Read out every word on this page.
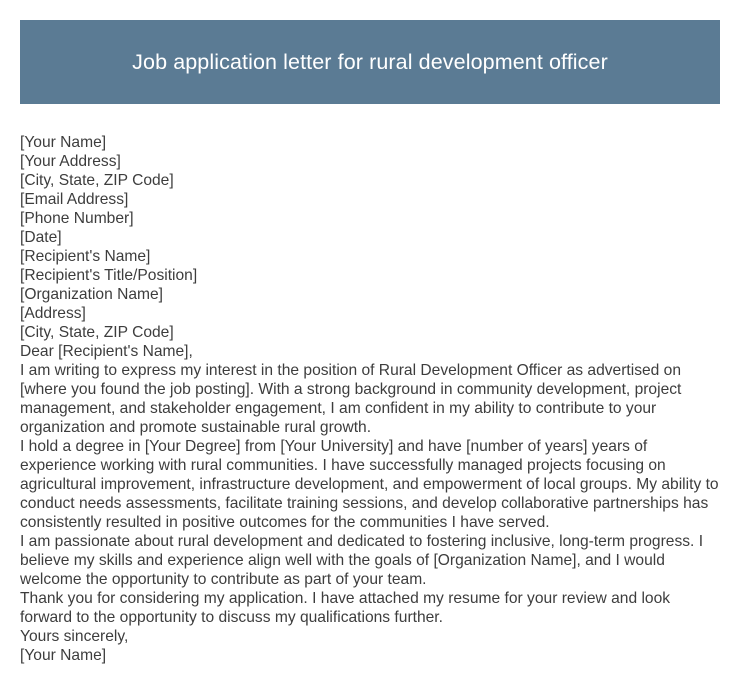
Job application letter for rural development officer

[Your Name]

[Your Address]

[City, State, ZIP Code]

[Email Address]

[Phone Number]

[Date]

[Recipient's Name]

[Recipient's Title/Position]

[Organization Name]

[Address]

[City, State, ZIP Code]

Dear [Recipient's Name],

I am writing to express my interest in the position of Rural Development Officer as advertised on [where you found the job posting]. With a strong background in community development, project management, and stakeholder engagement, I am confident in my ability to contribute to your organization and promote sustainable rural growth.

I hold a degree in [Your Degree] from [Your University] and have [number of years] years of experience working with rural communities. I have successfully managed projects focusing on agricultural improvement, infrastructure development, and empowerment of local groups. My ability to conduct needs assessments, facilitate training sessions, and develop collaborative partnerships has consistently resulted in positive outcomes for the communities I have served.

I am passionate about rural development and dedicated to fostering inclusive, long-term progress. I believe my skills and experience align well with the goals of [Organization Name], and I would welcome the opportunity to contribute as part of your team.

Thank you for considering my application. I have attached my resume for your review and look forward to the opportunity to discuss my qualifications further.

Yours sincerely,

[Your Name]
